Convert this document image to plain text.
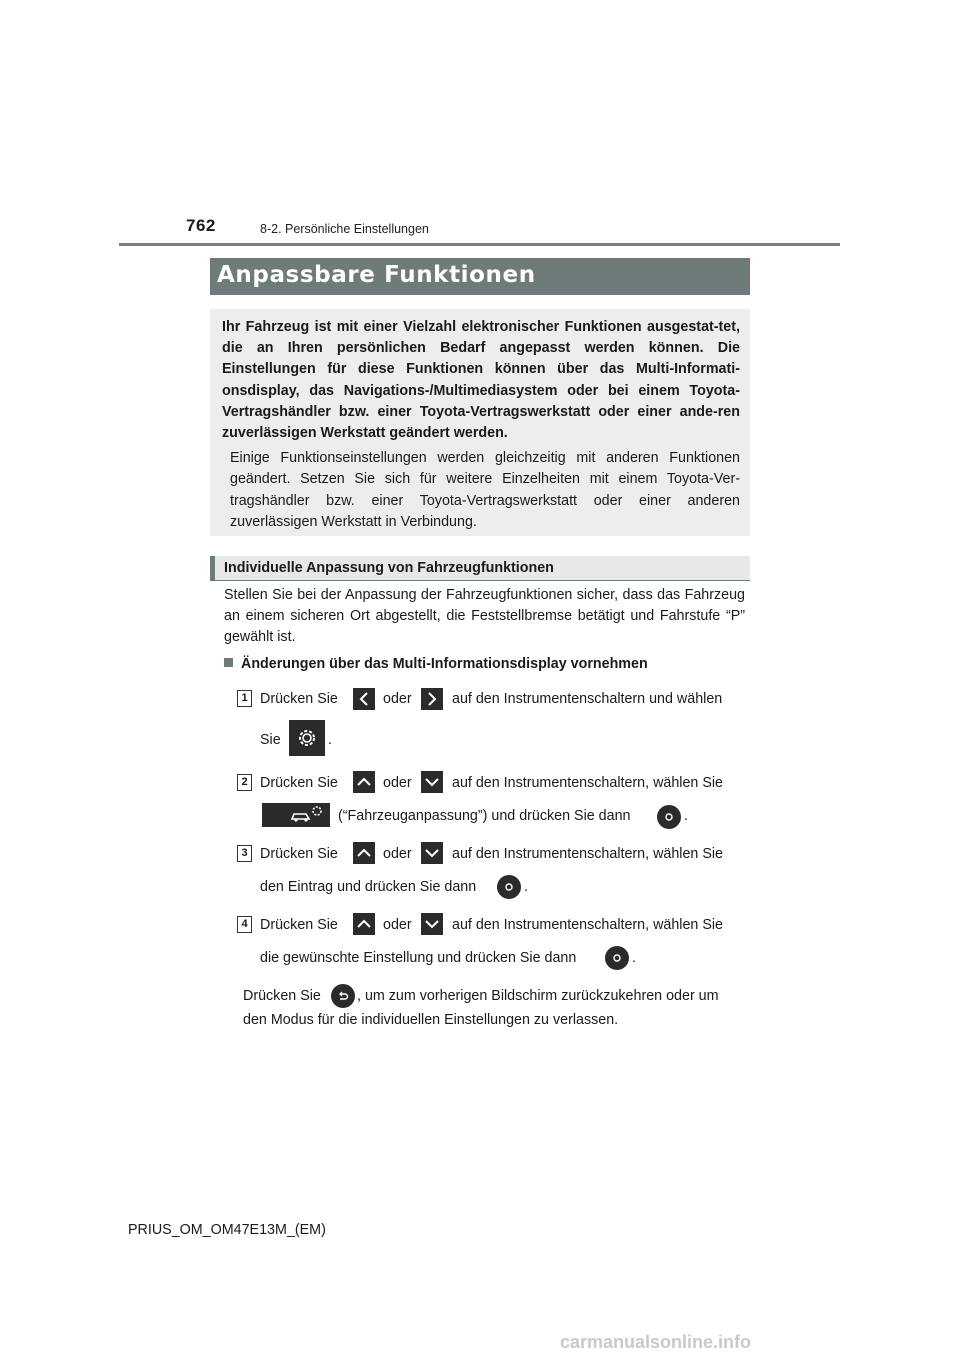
762	8-2. Persönliche Einstellungen
Anpassbare Funktionen

Ihr Fahrzeug ist mit einer Vielzahl elektronischer Funktionen ausgestat-tet, die an Ihren persönlichen Bedarf angepasst werden können. Die Einstellungen für diese Funktionen können über das Multi-Informati-onsdisplay, das Navigations-/Multimediasystem oder bei einem Toyota-Vertragshändler bzw. einer Toyota-Vertragswerkstatt oder einer ande-ren zuverlässigen Werkstatt geändert werden.

Einige Funktionseinstellungen werden gleichzeitig mit anderen Funktionen geändert. Setzen Sie sich für weitere Einzelheiten mit einem Toyota-Ver-tragshändler bzw. einer Toyota-Vertragswerkstatt oder einer anderen zuverlässigen Werkstatt in Verbindung.

Individuelle Anpassung von Fahrzeugfunktionen

Stellen Sie bei der Anpassung der Fahrzeugfunktionen sicher, dass das Fahrzeug an einem sicheren Ort abgestellt, die Feststellbremse betätigt und Fahrstufe “P” gewählt ist.

Änderungen über das Multi-Informationsdisplay vornehmen
1 Drücken Sie	oder	auf den Instrumentenschaltern und wählen
Sie	.
2 Drücken Sie	oder	auf den Instrumentenschaltern, wählen Sie
(“Fahrzeuganpassung”) und drücken Sie dann	.
3 Drücken Sie	oder	auf den Instrumentenschaltern, wählen Sie
den Eintrag und drücken Sie dann	.
4 Drücken Sie	oder	auf den Instrumentenschaltern, wählen Sie
die gewünschte Einstellung und drücken Sie dann	.
Drücken Sie	, um zum vorherigen Bildschirm zurückzukehren oder um
den Modus für die individuellen Einstellungen zu verlassen.
PRIUS_OM_OM47E13M_(EM)
carmanualsonline.info
